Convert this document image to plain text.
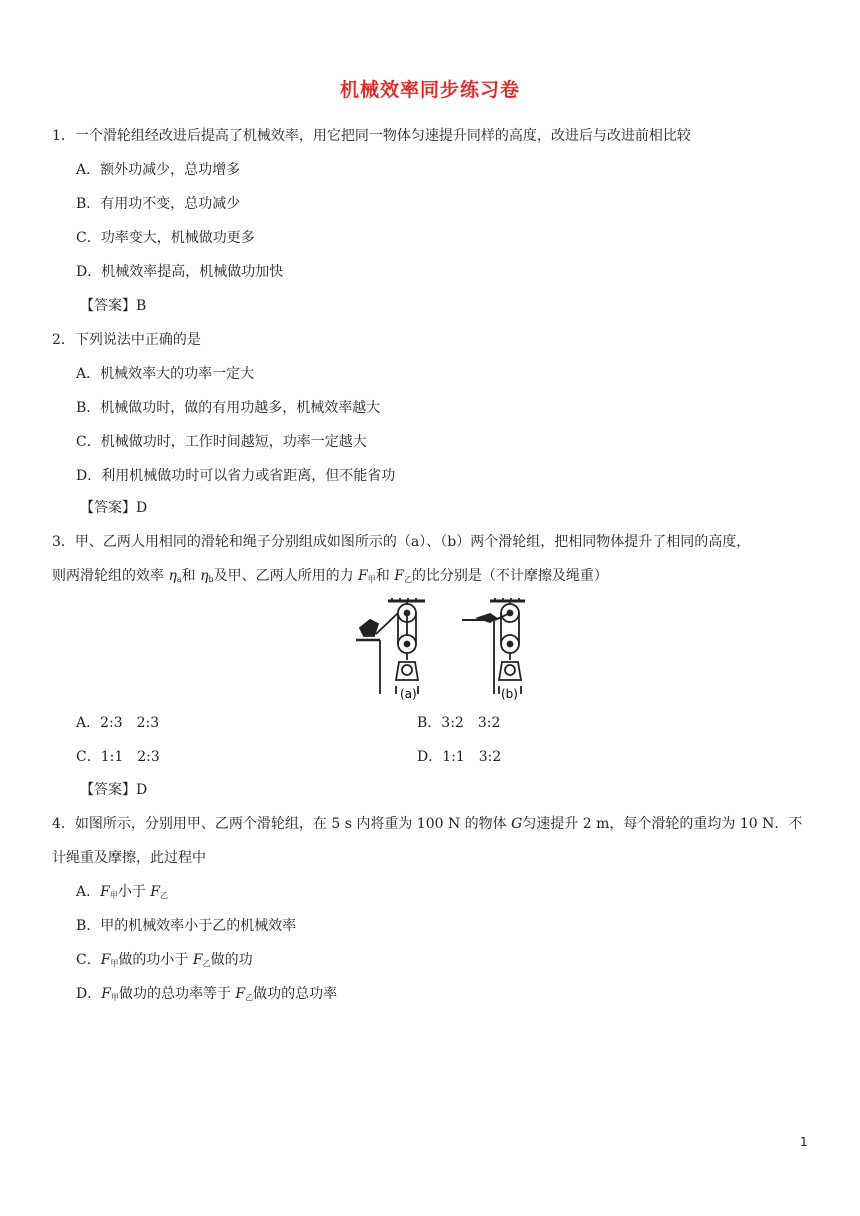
机械效率同步练习卷
1．一个滑轮组经改进后提高了机械效率，用它把同一物体匀速提升同样的高度，改进后与改进前相比较
A．额外功减少，总功增多
B．有用功不变，总功减少
C．功率变大，机械做功更多
D．机械效率提高，机械做功加快
【答案】B
2．下列说法中正确的是
A．机械效率大的功率一定大
B．机械做功时，做的有用功越多，机械效率越大
C．机械做功时，工作时间越短，功率一定越大
D．利用机械做功时可以省力或省距离，但不能省功
【答案】D
3．甲、乙两人用相同的滑轮和绳子分别组成如图所示的（a）、（b）两个滑轮组，把相同物体提升了相同的高度，
则两滑轮组的效率 $\eta_a$和 $\eta_b$及甲、乙两人所用的力 $F_甲$和 $F_乙$的比分别是（不计摩擦及绳重）
(a)	(b)
A．2:3　2:3	B．3:2　3:2
C．1:1　2:3	D．1:1　3:2
【答案】D
4．如图所示，分别用甲、乙两个滑轮组，在 5 s 内将重为 100 N 的物体 G匀速提升 2 m，每个滑轮的重均为 10 N．不
计绳重及摩擦，此过程中
A．$F_甲$小于 $F_乙$
B．甲的机械效率小于乙的机械效率
C．$F_甲$做的功小于 $F_乙$做的功
D．$F_甲$做功的总功率等于 $F_乙$做功的总功率
1
